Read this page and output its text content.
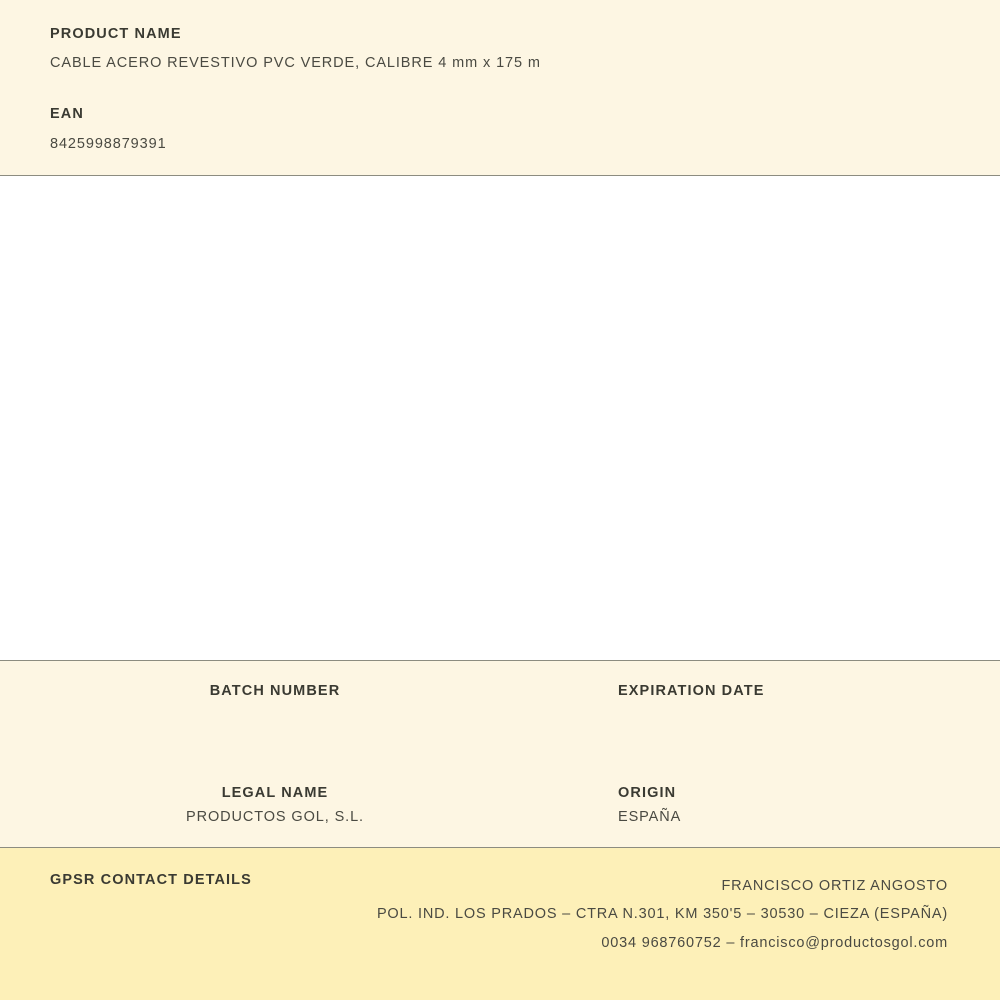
PRODUCT NAME
CABLE ACERO REVESTIVO PVC VERDE, CALIBRE 4 mm x 175 m
EAN
8425998879391
BATCH NUMBER	EXPIRATION DATE
LEGAL NAME
PRODUCTOS GOL, S.L.
ORIGIN
ESPAÑA
GPSR CONTACT DETAILS	FRANCISCO ORTIZ ANGOSTO
POL. IND. LOS PRADOS – CTRA N.301, KM 350'5 – 30530 – CIEZA (ESPAÑA)
0034 968760752 – francisco@productosgol.com
